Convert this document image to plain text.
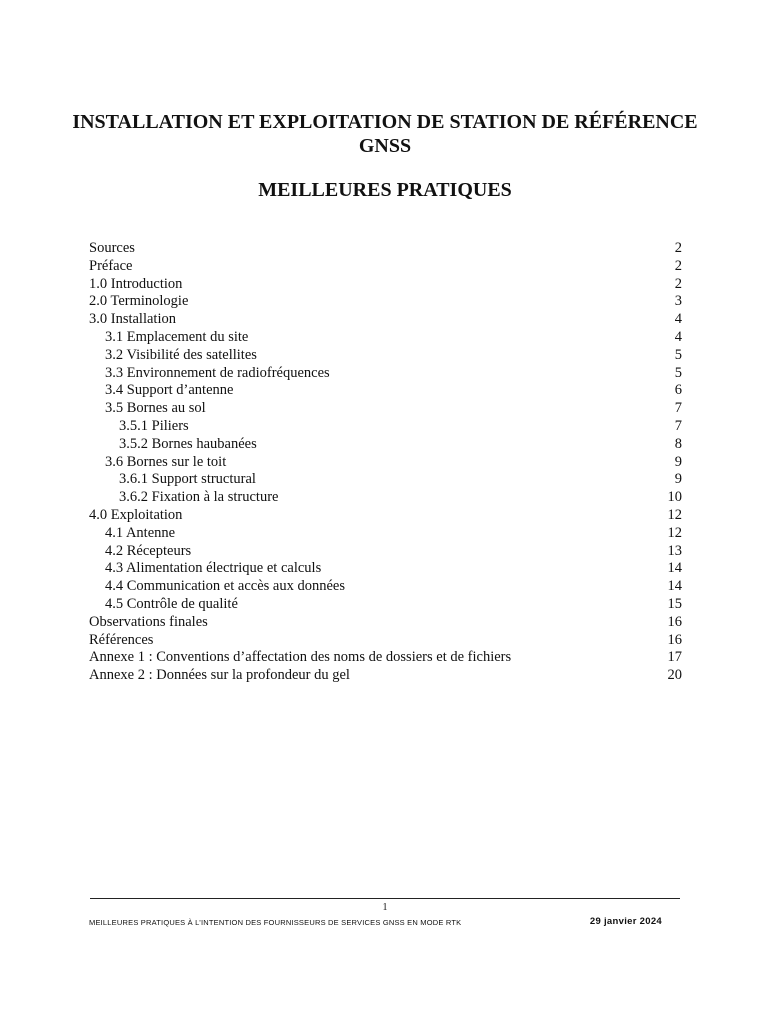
INSTALLATION ET EXPLOITATION DE STATION DE RÉFÉRENCE
GNSS
MEILLEURES PRATIQUES
Sources	2
Préface	2
1.0 Introduction	2
2.0 Terminologie	3
3.0 Installation	4
3.1 Emplacement du site	4
3.2 Visibilité des satellites	5
3.3 Environnement de radiofréquences	5
3.4 Support d’antenne	6
3.5 Bornes au sol	7
3.5.1 Piliers	7
3.5.2 Bornes haubanées	8
3.6 Bornes sur le toit	9
3.6.1 Support structural	9
3.6.2 Fixation à la structure	10
4.0 Exploitation	12
4.1 Antenne	12
4.2 Récepteurs	13
4.3 Alimentation électrique et calculs	14
4.4 Communication et accès aux données	14
4.5 Contrôle de qualité	15
Observations finales	16
Références	16
Annexe 1 : Conventions d’affectation des noms de dossiers et de fichiers	17
Annexe 2 : Données sur la profondeur du gel	20
1
MEILLEURES PRATIQUES À L’INTENTION DES FOURNISSEURS DE SERVICES GNSS EN MODE RTK	29 janvier 2024
